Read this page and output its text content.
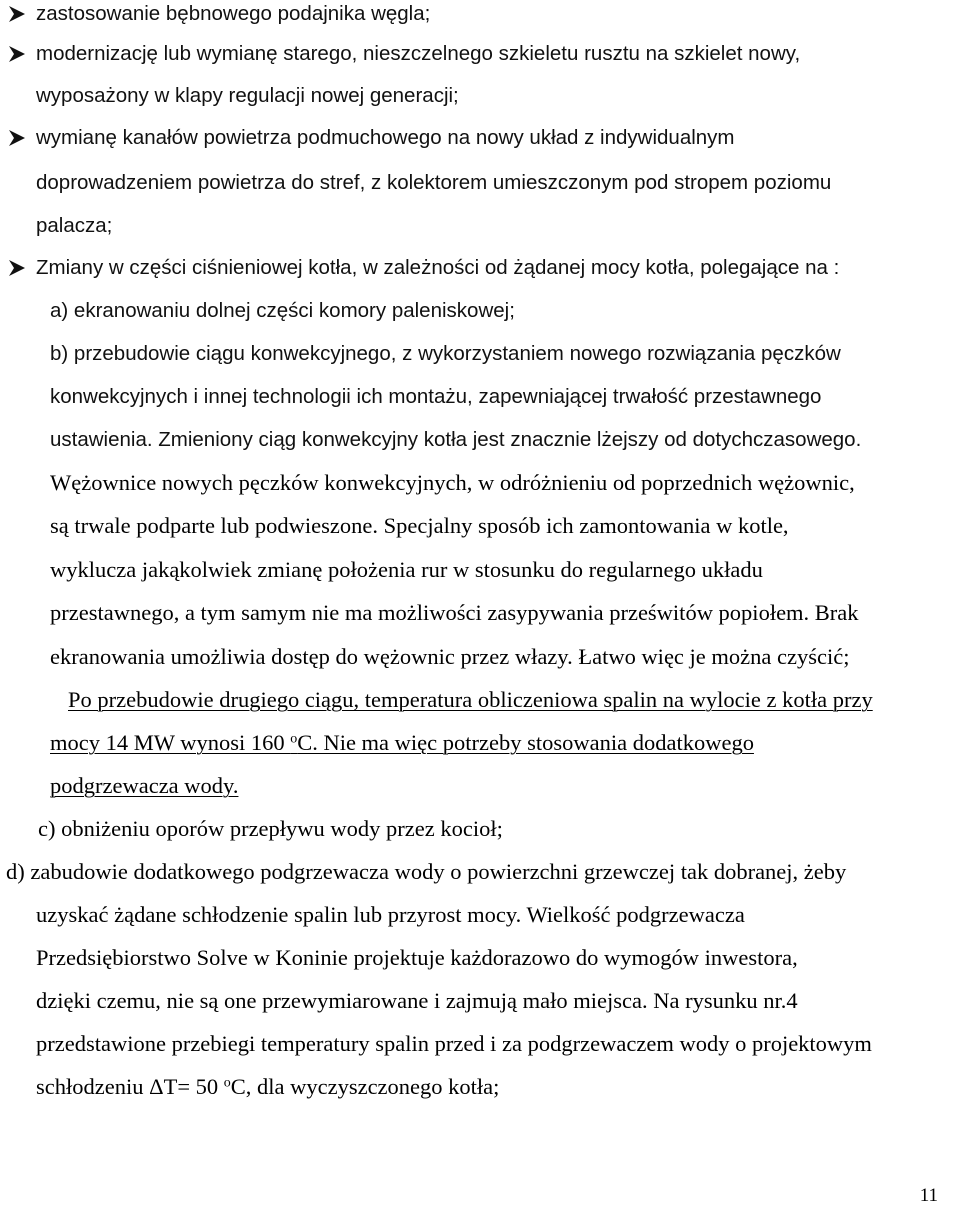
zastosowanie bębnowego podajnika węgla;
modernizację lub wymianę starego, nieszczelnego szkieletu rusztu na szkielet nowy,
wyposażony w klapy regulacji nowej generacji;
wymianę kanałów powietrza podmuchowego na nowy układ z indywidualnym
doprowadzeniem powietrza do stref, z kolektorem umieszczonym pod stropem poziomu
palacza;
Zmiany w części ciśnieniowej kotła, w zależności od żądanej mocy kotła, polegające na :
a) ekranowaniu dolnej części komory paleniskowej;
b) przebudowie ciągu konwekcyjnego, z wykorzystaniem nowego rozwiązania pęczków
konwekcyjnych i innej technologii ich montażu, zapewniającej trwałość przestawnego
ustawienia. Zmieniony ciąg konwekcyjny kotła jest znacznie lżejszy od dotychczasowego.
Wężownice nowych pęczków konwekcyjnych, w odróżnieniu od poprzednich wężownic,
są trwale podparte lub podwieszone. Specjalny sposób ich zamontowania w kotle,
wyklucza jakąkolwiek zmianę położenia rur w stosunku do regularnego układu
przestawnego, a tym samym nie ma możliwości zasypywania prześwitów popiołem. Brak
ekranowania umożliwia dostęp do wężownic przez włazy. Łatwo więc je można czyścić;
Po przebudowie drugiego ciągu, temperatura obliczeniowa spalin na wylocie z kotła przy
mocy 14 MW wynosi 160 $^o$C. Nie ma więc potrzeby stosowania dodatkowego
podgrzewacza wody.
c) obniżeniu oporów przepływu wody przez kocioł;
d) zabudowie dodatkowego podgrzewacza wody o powierzchni grzewczej tak dobranej, żeby
uzyskać żądane schłodzenie spalin lub przyrost mocy. Wielkość podgrzewacza
Przedsiębiorstwo Solve w Koninie projektuje każdorazowo do wymogów inwestora,
dzięki czemu, nie są one przewymiarowane i zajmują mało miejsca. Na rysunku nr.4
przedstawione przebiegi temperatury spalin przed i za podgrzewaczem wody o projektowym
schłodzeniu ΔT= 50 $^o$C, dla wyczyszczonego kotła;
11
